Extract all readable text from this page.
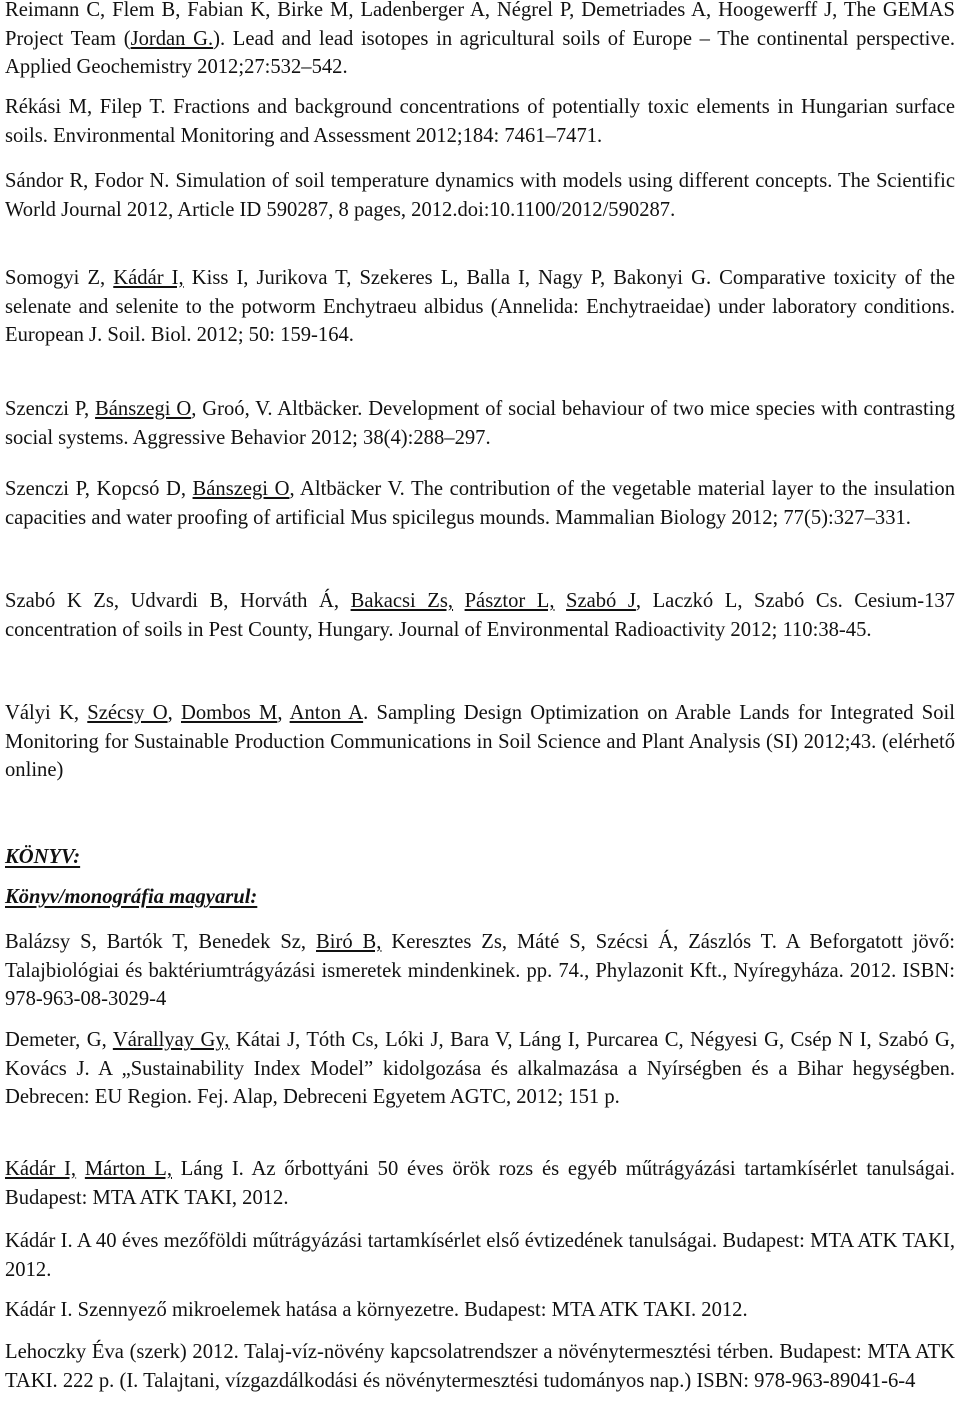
Reimann C, Flem B, Fabian K, Birke M, Ladenberger A, Négrel P, Demetriades A, Hoogewerff J, The GEMAS Project Team (Jordan G.). Lead and lead isotopes in agricultural soils of Europe – The continental perspective. Applied Geochemistry 2012;27:532–542.
Rékási M, Filep T. Fractions and background concentrations of potentially toxic elements in Hungarian surface soils. Environmental Monitoring and Assessment 2012;184: 7461–7471.
Sándor R, Fodor N. Simulation of soil temperature dynamics with models using different concepts. The Scientific World Journal 2012, Article ID 590287, 8 pages, 2012.doi:10.1100/2012/590287.
Somogyi Z, Kádár I, Kiss I, Jurikova T, Szekeres L, Balla I, Nagy P, Bakonyi G. Comparative toxicity of the selenate and selenite to the potworm Enchytraeu albidus (Annelida: Enchytraeidae) under laboratory conditions. European J. Soil. Biol. 2012; 50: 159-164.
Szenczi P, Bánszegi O, Groó, V. Altbäcker. Development of social behaviour of two mice species with contrasting social systems. Aggressive Behavior 2012; 38(4):288–297.
Szenczi P, Kopcsó D, Bánszegi O, Altbäcker V. The contribution of the vegetable material layer to the insulation capacities and water proofing of artificial Mus spicilegus mounds. Mammalian Biology 2012; 77(5):327–331.
Szabó K Zs, Udvardi B, Horváth Á, Bakacsi Zs, Pásztor L, Szabó J, Laczkó L, Szabó Cs. Cesium-137 concentration of soils in Pest County, Hungary. Journal of Environmental Radioactivity 2012; 110:38-45.
Vályi K, Szécsy O, Dombos M, Anton A. Sampling Design Optimization on Arable Lands for Integrated Soil Monitoring for Sustainable Production Communications in Soil Science and Plant Analysis (SI) 2012;43. (elérhető online)
KÖNYV:
Könyv/monográfia magyarul:
Balázsy S, Bartók T, Benedek Sz, Biró B, Keresztes Zs, Máté S, Szécsi Á, Zászlós T. A Beforgatott jövő: Talajbiológiai és baktériumtrágyázási ismeretek mindenkinek. pp. 74., Phylazonit Kft., Nyíregyháza. 2012. ISBN: 978-963-08-3029-4
Demeter, G, Várallyay Gy, Kátai J, Tóth Cs, Lóki J, Bara V, Láng I, Purcarea C, Négyesi G, Csép N I, Szabó G, Kovács J. A „Sustainability Index Model” kidolgozása és alkalmazása a Nyírségben és a Bihar hegységben. Debrecen: EU Region. Fej. Alap, Debreceni Egyetem AGTC, 2012; 151 p.
Kádár I, Márton L, Láng I. Az őrbottyáni 50 éves örök rozs és egyéb műtrágyázási tartamkísérlet tanulságai. Budapest: MTA ATK TAKI, 2012.
Kádár I. A 40 éves mezőföldi műtrágyázási tartamkísérlet első évtizedének tanulságai. Budapest: MTA ATK TAKI, 2012.
Kádár I. Szennyező mikroelemek hatása a környezetre. Budapest: MTA ATK TAKI. 2012.
Lehoczky Éva (szerk) 2012. Talaj-víz-növény kapcsolatrendszer a növénytermesztési térben. Budapest: MTA ATK TAKI. 222 p. (I. Talajtani, vízgazdálkodási és növénytermesztési tudományos nap.) ISBN: 978-963-89041-6-4
